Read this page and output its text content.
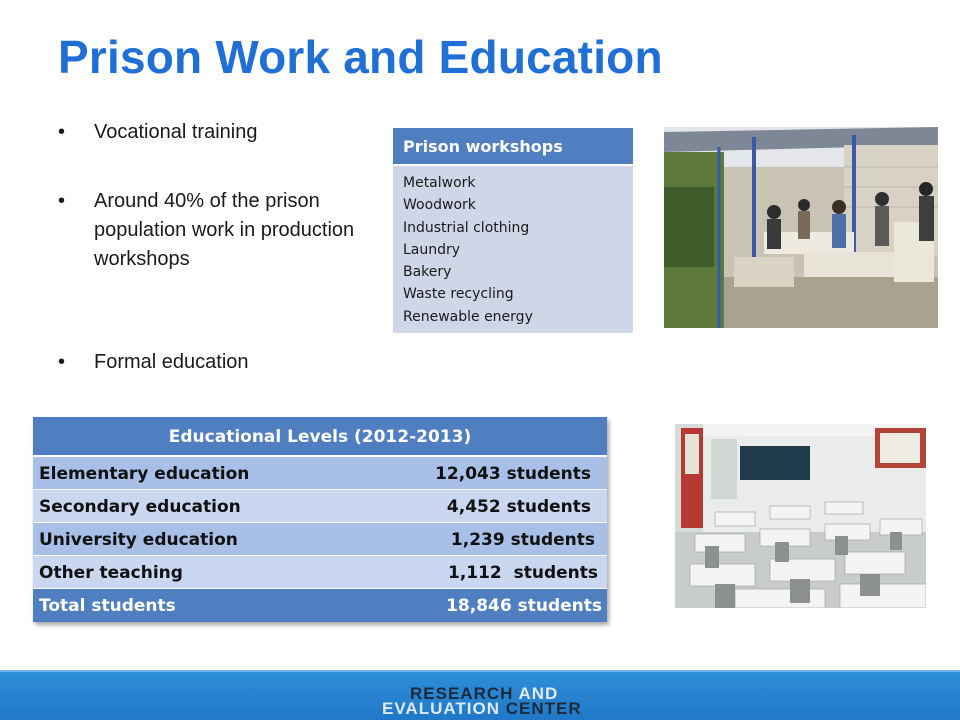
Prison Work and Education
• Vocational training
• Around 40% of the prison population work in production workshops
• Formal education
Prison workshops
Metalwork
Woodwork
Industrial clothing
Laundry
Bakery
Waste recycling
Renewable energy
Educational Levels (2012-2013)
Elementary education	12,043 students
Secondary education	4,452 students
University education	1,239 students
Other teaching	1,112  students
Total students	18,846 students
RESEARCH AND
EVALUATION CENTER
